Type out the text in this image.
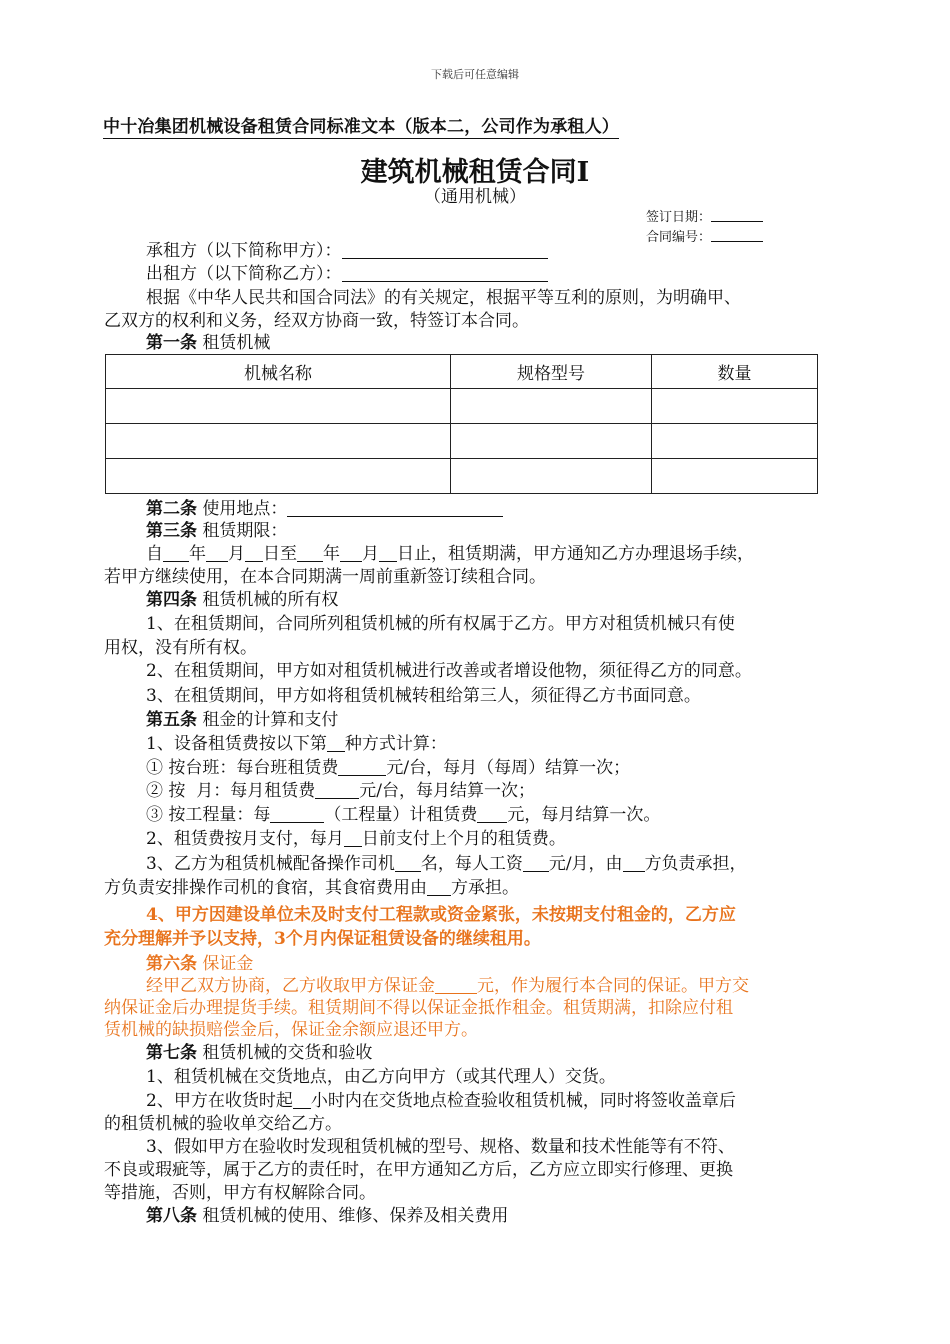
下载后可任意编辑
中十冶集团机械设备租赁合同标准文本（版本二，公司作为承租人）
建筑机械租赁合同Ⅰ
（通用机械）
签订日期：
合同编号：
承租方（以下简称甲方）：
出租方（以下简称乙方）：
根据《中华人民共和国合同法》的有关规定，根据平等互利的原则，为明确甲、
乙双方的权利和义务，经双方协商一致，特签订本合同。
第一条 租赁机械
机械名称	规格型号	数量

第二条 使用地点：
第三条 租赁期限：
自 年 月 日至 年 月 日止，租赁期满，甲方通知乙方办理退场手续，
若甲方继续使用，在本合同期满一周前重新签订续租合同。
第四条 租赁机械的所有权
1、在租赁期间，合同所列租赁机械的所有权属于乙方。甲方对租赁机械只有使
用权，没有所有权。
2、在租赁期间，甲方如对租赁机械进行改善或者增设他物，须征得乙方的同意。
3、在租赁期间，甲方如将租赁机械转租给第三人，须征得乙方书面同意。
第五条 租金的计算和支付
1、设备租赁费按以下第 种方式计算：
① 按台班：每台班租赁费	元/台，每月（每周）结算一次；
② 按  月：每月租赁费	元/台，每月结算一次；
③ 按工程量：每	（工程量）计租赁费 元，每月结算一次。
2、租赁费按月支付，每月 日前支付上个月的租赁费。
3、乙方为租赁机械配备操作司机 名，每人工资 元/月，由 方负责承担，
方负责安排操作司机的食宿，其食宿费用由 方承担。
4、甲方因建设单位未及时支付工程款或资金紧张，未按期支付租金的，乙方应
充分理解并予以支持，3个月内保证租赁设备的继续租用。
第六条 保证金
经甲乙双方协商，乙方收取甲方保证金 元，作为履行本合同的保证。甲方交
纳保证金后办理提货手续。租赁期间不得以保证金抵作租金。租赁期满，扣除应付租
赁机械的缺损赔偿金后，保证金余额应退还甲方。
第七条 租赁机械的交货和验收
1、租赁机械在交货地点，由乙方向甲方（或其代理人）交货。
2、甲方在收货时起 小时内在交货地点检查验收租赁机械，同时将签收盖章后
的租赁机械的验收单交给乙方。
3、假如甲方在验收时发现租赁机械的型号、规格、数量和技术性能等有不符、
不良或瑕疵等，属于乙方的责任时，在甲方通知乙方后，乙方应立即实行修理、更换
等措施，否则，甲方有权解除合同。
第八条 租赁机械的使用、维修、保养及相关费用
